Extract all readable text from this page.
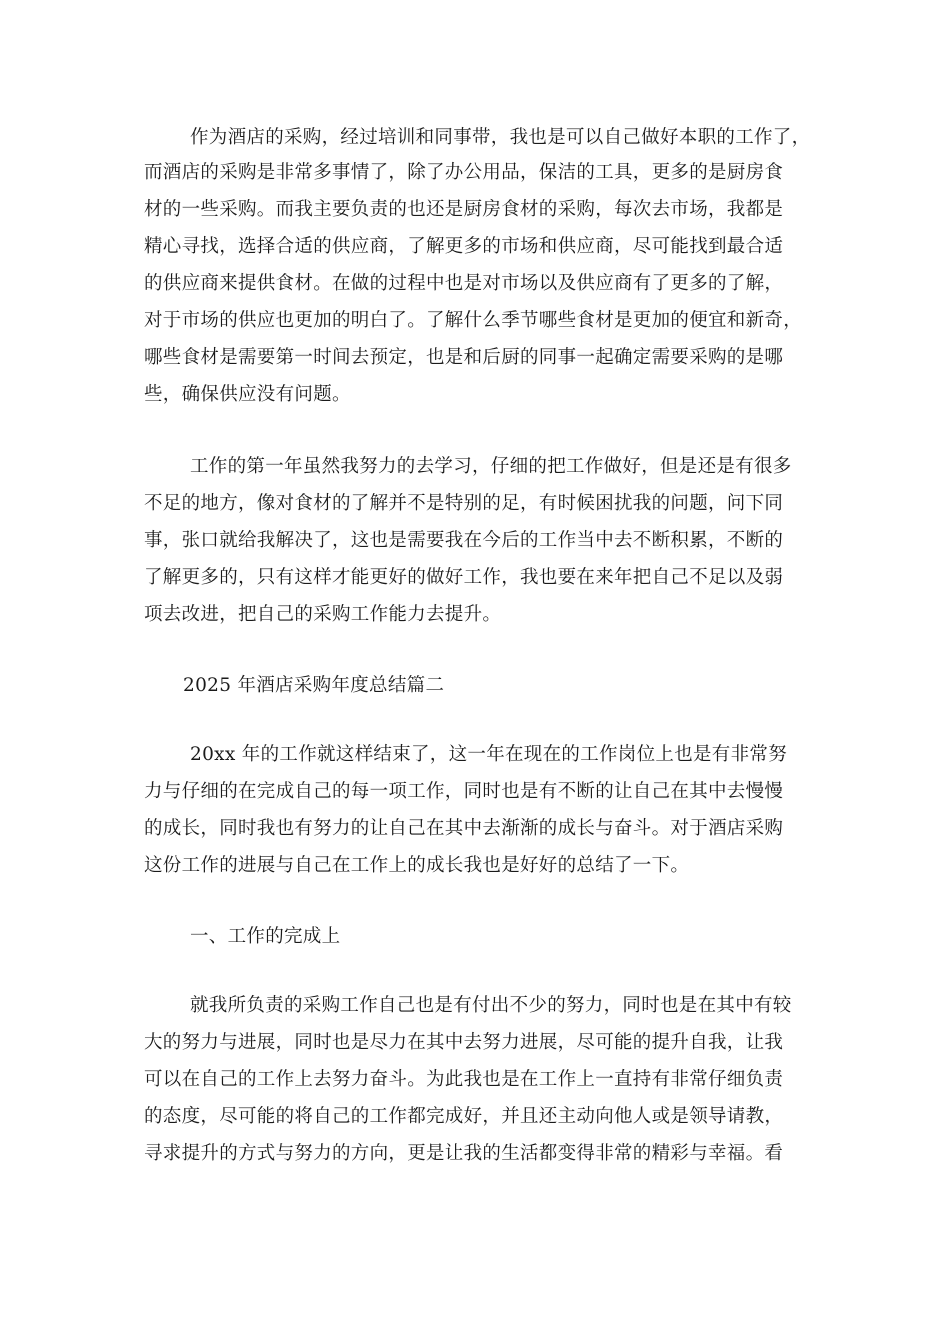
作为酒店的采购，经过培训和同事带，我也是可以自己做好本职的工作了，
而酒店的采购是非常多事情了，除了办公用品，保洁的工具，更多的是厨房食
材的一些采购。而我主要负责的也还是厨房食材的采购，每次去市场，我都是
精心寻找，选择合适的供应商，了解更多的市场和供应商，尽可能找到最合适
的供应商来提供食材。在做的过程中也是对市场以及供应商有了更多的了解，
对于市场的供应也更加的明白了。了解什么季节哪些食材是更加的便宜和新奇，
哪些食材是需要第一时间去预定，也是和后厨的同事一起确定需要采购的是哪
些，确保供应没有问题。
工作的第一年虽然我努力的去学习，仔细的把工作做好，但是还是有很多
不足的地方，像对食材的了解并不是特别的足，有时候困扰我的问题，问下同
事，张口就给我解决了，这也是需要我在今后的工作当中去不断积累，不断的
了解更多的，只有这样才能更好的做好工作，我也要在来年把自己不足以及弱
项去改进，把自己的采购工作能力去提升。
2025 年酒店采购年度总结篇二
20xx 年的工作就这样结束了，这一年在现在的工作岗位上也是有非常努
力与仔细的在完成自己的每一项工作，同时也是有不断的让自己在其中去慢慢
的成长，同时我也有努力的让自己在其中去渐渐的成长与奋斗。对于酒店采购
这份工作的进展与自己在工作上的成长我也是好好的总结了一下。
一、工作的完成上
就我所负责的采购工作自己也是有付出不少的努力，同时也是在其中有较
大的努力与进展，同时也是尽力在其中去努力进展，尽可能的提升自我，让我
可以在自己的工作上去努力奋斗。为此我也是在工作上一直持有非常仔细负责
的态度，尽可能的将自己的工作都完成好，并且还主动向他人或是领导请教，
寻求提升的方式与努力的方向，更是让我的生活都变得非常的精彩与幸福。看
